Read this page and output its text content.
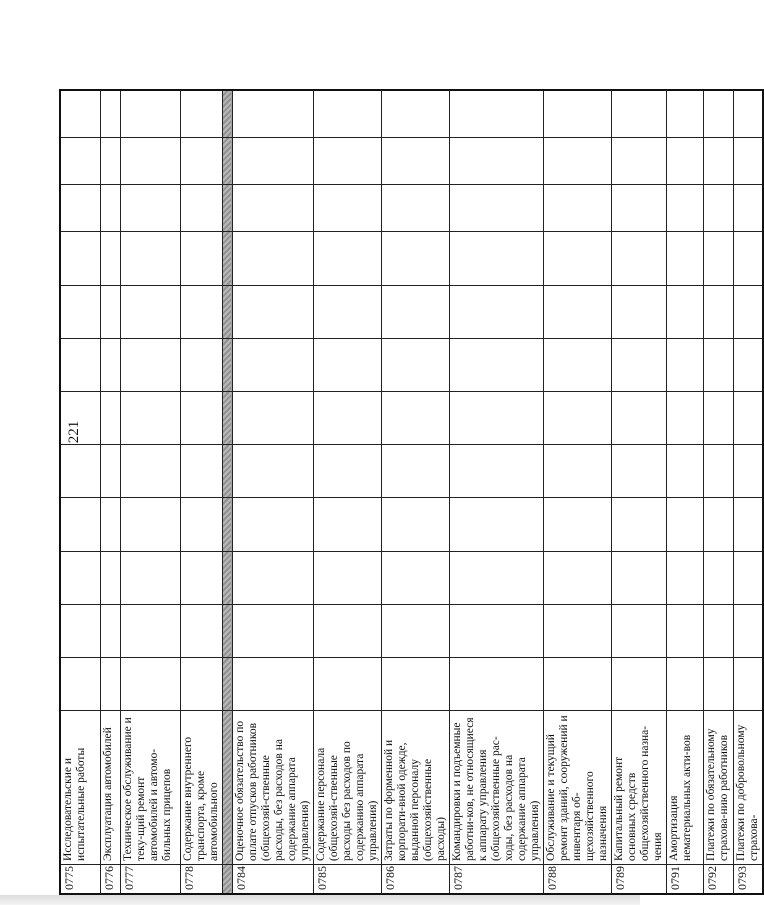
221
0775	Исследовательские и испытательные работы												
0776	Эксплуатация автомобилей												
0777	Техническое обслуживание и теку-щий ремонт автомобилей и автомо-бильных прицепов												
0778	Содержание внутреннего транспорта, кроме автомобильного												

0784	Оценочное обязательство по оплате отпусков работников (общехозяй-ственные расходы, без расходов на содержание аппарата управления)												
0785	Содержание персонала (общехозяй-ственные расходы без расходов по содержанию аппарата управления)												
0786	Затраты по форменной и корпорати-вной одежде, выданной персоналу (общехозяйственные расходы)												
0787	Командировки и подъемные работни-ков, не относящиеся к аппарату управления (общехозяйственные рас-ходы, без расходов на содержание аппарата управления)												
0788	Обслуживание и текущий ремонт зданий, сооружений и инвентаря об-щехозяйственного назначения												
0789	Капитальный ремонт основных средств общехозяйственного назна-чения												
0791	Амортизация нематериальных акти-вов												
0792	Платежи по обязательному страхова-нию работников												
0793	Платежи по добровольному страхова-												
